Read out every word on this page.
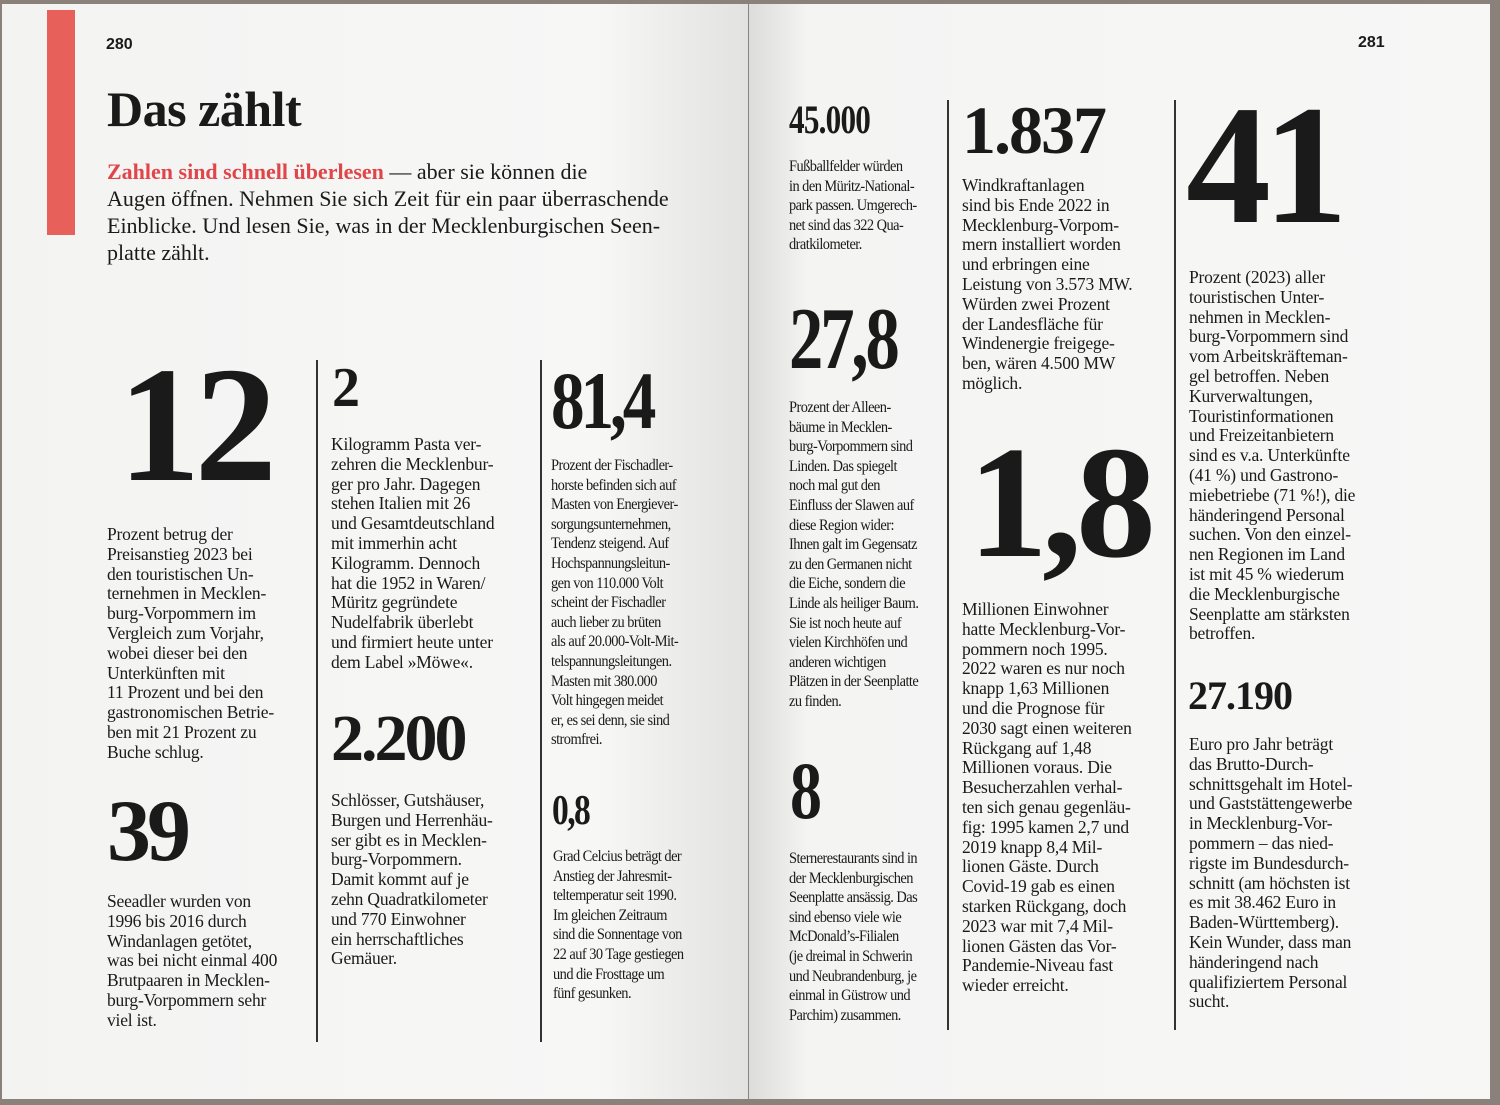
280	281
Das zählt
Zahlen sind schnell überlesen — aber sie können die
Augen öffnen. Nehmen Sie sich Zeit für ein paar überraschende
Einblicke. Und lesen Sie, was in der Mecklenburgischen Seen-
platte zählt.
12
Prozent betrug der
Preisanstieg 2023 bei
den touristischen Un-
ternehmen in Mecklen-
burg-Vorpommern im
Vergleich zum Vorjahr,
wobei dieser bei den
Unterkünften mit
11 Prozent und bei den
gastronomischen Betrie-
ben mit 21 Prozent zu
Buche schlug.
39
Seeadler wurden von
1996 bis 2016 durch
Windanlagen getötet,
was bei nicht einmal 400
Brutpaaren in Mecklen-
burg-Vorpommern sehr
viel ist.
2
Kilogramm Pasta ver-
zehren die Mecklenbur-
ger pro Jahr. Dagegen
stehen Italien mit 26
und Gesamtdeutschland
mit immerhin acht
Kilogramm. Dennoch
hat die 1952 in Waren/
Müritz gegründete
Nudelfabrik überlebt
und firmiert heute unter
dem Label »Möwe«.
2.200
Schlösser, Gutshäuser,
Burgen und Herrenhäu-
ser gibt es in Mecklen-
burg-Vorpommern.
Damit kommt auf je
zehn Quadratkilometer
und 770 Einwohner
ein herrschaftliches
Gemäuer.
81,4
Prozent der Fischadler-
horste befinden sich auf
Masten von Energiever-
sorgungsunternehmen,
Tendenz steigend. Auf
Hochspannungsleitun-
gen von 110.000 Volt
scheint der Fischadler
auch lieber zu brüten
als auf 20.000-Volt-Mit-
telspannungsleitungen.
Masten mit 380.000
Volt hingegen meidet
er, es sei denn, sie sind
stromfrei.
0,8
Grad Celcius beträgt der
Anstieg der Jahresmit-
teltemperatur seit 1990.
Im gleichen Zeitraum
sind die Sonnentage von
22 auf 30 Tage gestiegen
und die Frosttage um
fünf gesunken.
45.000
Fußballfelder würden
in den Müritz-National-
park passen. Umgerech-
net sind das 322 Qua-
dratkilometer.
27,8
Prozent der Alleen-
bäume in Mecklen-
burg-Vorpommern sind
Linden. Das spiegelt
noch mal gut den
Einfluss der Slawen auf
diese Region wider:
Ihnen galt im Gegensatz
zu den Germanen nicht
die Eiche, sondern die
Linde als heiliger Baum.
Sie ist noch heute auf
vielen Kirchhöfen und
anderen wichtigen
Plätzen in der Seenplatte
zu finden.
8
Sternerestaurants sind in
der Mecklenburgischen
Seenplatte ansässig. Das
sind ebenso viele wie
McDonald’s-Filialen
(je dreimal in Schwerin
und Neubrandenburg, je
einmal in Güstrow und
Parchim) zusammen.
1.837
Windkraftanlagen
sind bis Ende 2022 in
Mecklenburg-Vorpom-
mern installiert worden
und erbringen eine
Leistung von 3.573 MW.
Würden zwei Prozent
der Landesfläche für
Windenergie freigege-
ben, wären 4.500 MW
möglich.
1,8
Millionen Einwohner
hatte Mecklenburg-Vor-
pommern noch 1995.
2022 waren es nur noch
knapp 1,63 Millionen
und die Prognose für
2030 sagt einen weiteren
Rückgang auf 1,48
Millionen voraus. Die
Besucherzahlen verhal-
ten sich genau gegenläu-
fig: 1995 kamen 2,7 und
2019 knapp 8,4 Mil-
lionen Gäste. Durch
Covid-19 gab es einen
starken Rückgang, doch
2023 war mit 7,4 Mil-
lionen Gästen das Vor-
Pandemie-Niveau fast
wieder erreicht.
41
Prozent (2023) aller
touristischen Unter-
nehmen in Mecklen-
burg-Vorpommern sind
vom Arbeitskräfteman-
gel betroffen. Neben
Kurverwaltungen,
Touristinformationen
und Freizeitanbietern
sind es v.a. Unterkünfte
(41 %) und Gastrono-
miebetriebe (71 %!), die
händeringend Personal
suchen. Von den einzel-
nen Regionen im Land
ist mit 45 % wiederum
die Mecklenburgische
Seenplatte am stärksten
betroffen.
27.190
Euro pro Jahr beträgt
das Brutto-Durch-
schnittsgehalt im Hotel-
und Gaststättengewerbe
in Mecklenburg-Vor-
pommern – das nied-
rigste im Bundesdurch-
schnitt (am höchsten ist
es mit 38.462 Euro in
Baden-Württemberg).
Kein Wunder, dass man
händeringend nach
qualifiziertem Personal
sucht.
